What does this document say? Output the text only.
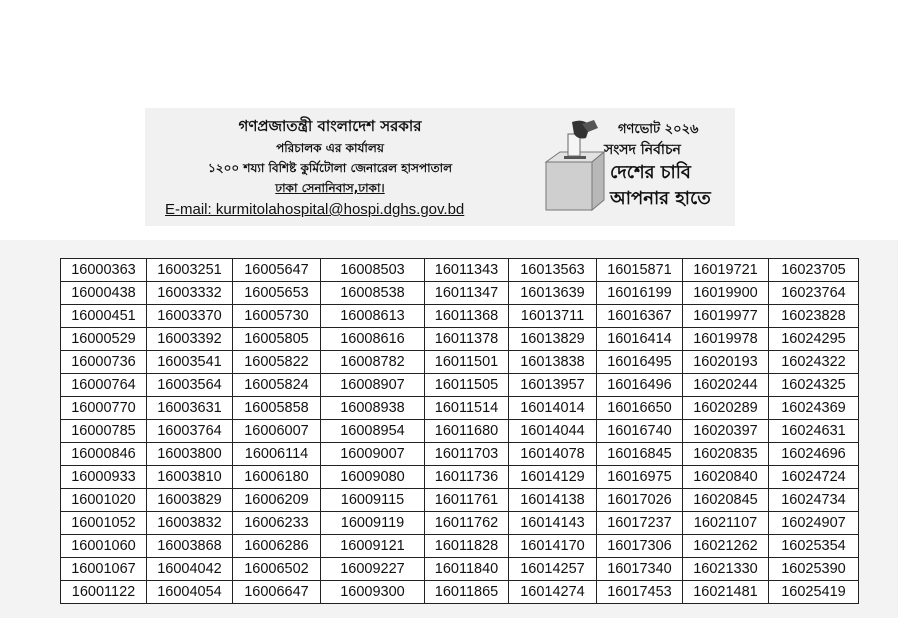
গণপ্রজাতন্ত্রী বাংলাদেশ সরকার
পরিচালক এর কার্যালয়
১২০০ শয্যা বিশিষ্ট কুর্মিটোলা জেনারেল হাসপাতাল
ঢাকা সেনানিবাস,ঢাকা।
E-mail: kurmitolahospital@hospi.dghs.gov.bd
গণভোট ২০২৬
সংসদ নির্বাচন
দেশের চাবি
আপনার হাতে
16000363	16003251	16005647	16008503	16011343	16013563	16015871	16019721	16023705
16000438	16003332	16005653	16008538	16011347	16013639	16016199	16019900	16023764
16000451	16003370	16005730	16008613	16011368	16013711	16016367	16019977	16023828
16000529	16003392	16005805	16008616	16011378	16013829	16016414	16019978	16024295
16000736	16003541	16005822	16008782	16011501	16013838	16016495	16020193	16024322
16000764	16003564	16005824	16008907	16011505	16013957	16016496	16020244	16024325
16000770	16003631	16005858	16008938	16011514	16014014	16016650	16020289	16024369
16000785	16003764	16006007	16008954	16011680	16014044	16016740	16020397	16024631
16000846	16003800	16006114	16009007	16011703	16014078	16016845	16020835	16024696
16000933	16003810	16006180	16009080	16011736	16014129	16016975	16020840	16024724
16001020	16003829	16006209	16009115	16011761	16014138	16017026	16020845	16024734
16001052	16003832	16006233	16009119	16011762	16014143	16017237	16021107	16024907
16001060	16003868	16006286	16009121	16011828	16014170	16017306	16021262	16025354
16001067	16004042	16006502	16009227	16011840	16014257	16017340	16021330	16025390
16001122	16004054	16006647	16009300	16011865	16014274	16017453	16021481	16025419
